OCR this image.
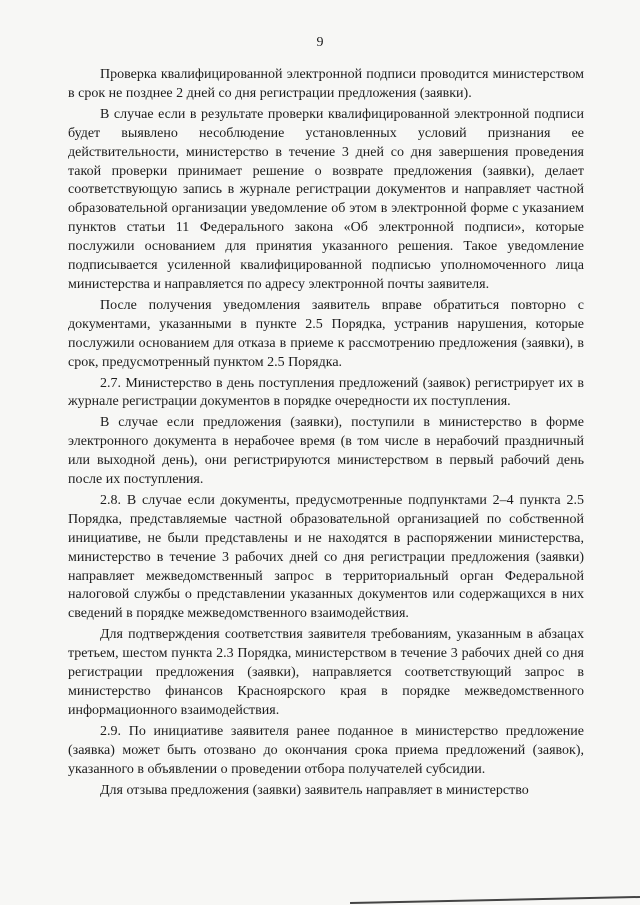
9

Проверка квалифицированной электронной подписи проводится министерством в срок не позднее 2 дней со дня регистрации предложения (заявки).

В случае если в результате проверки квалифицированной электронной подписи будет выявлено несоблюдение установленных условий признания ее действительности, министерство в течение 3 дней со дня завершения проведения такой проверки принимает решение о возврате предложения (заявки), делает соответствующую запись в журнале регистрации документов и направляет частной образовательной организации уведомление об этом в электронной форме с указанием пунктов статьи 11 Федерального закона «Об электронной подписи», которые послужили основанием для принятия указанного решения. Такое уведомление подписывается усиленной квалифицированной подписью уполномоченного лица министерства и направляется по адресу электронной почты заявителя.

После получения уведомления заявитель вправе обратиться повторно с документами, указанными в пункте 2.5 Порядка, устранив нарушения, которые послужили основанием для отказа в приеме к рассмотрению предложения (заявки), в срок, предусмотренный пунктом 2.5 Порядка.

2.7. Министерство в день поступления предложений (заявок) регистрирует их в журнале регистрации документов в порядке очередности их поступления.

В случае если предложения (заявки), поступили в министерство в форме электронного документа в нерабочее время (в том числе в нерабочий праздничный или выходной день), они регистрируются министерством в первый рабочий день после их поступления.

2.8. В случае если документы, предусмотренные подпунктами 2–4 пункта 2.5 Порядка, представляемые частной образовательной организацией по собственной инициативе, не были представлены и не находятся в распоряжении министерства, министерство в течение 3 рабочих дней со дня регистрации предложения (заявки) направляет межведомственный запрос в территориальный орган Федеральной налоговой службы о представлении указанных документов или содержащихся в них сведений в порядке межведомственного взаимодействия.

Для подтверждения соответствия заявителя требованиям, указанным в абзацах третьем, шестом пункта 2.3 Порядка, министерством в течение 3 рабочих дней со дня регистрации предложения (заявки), направляется соответствующий запрос в министерство финансов Красноярского края в порядке межведомственного информационного взаимодействия.

2.9. По инициативе заявителя ранее поданное в министерство предложение (заявка) может быть отозвано до окончания срока приема предложений (заявок), указанного в объявлении о проведении отбора получателей субсидии.

Для отзыва предложения (заявки) заявитель направляет в министерство
